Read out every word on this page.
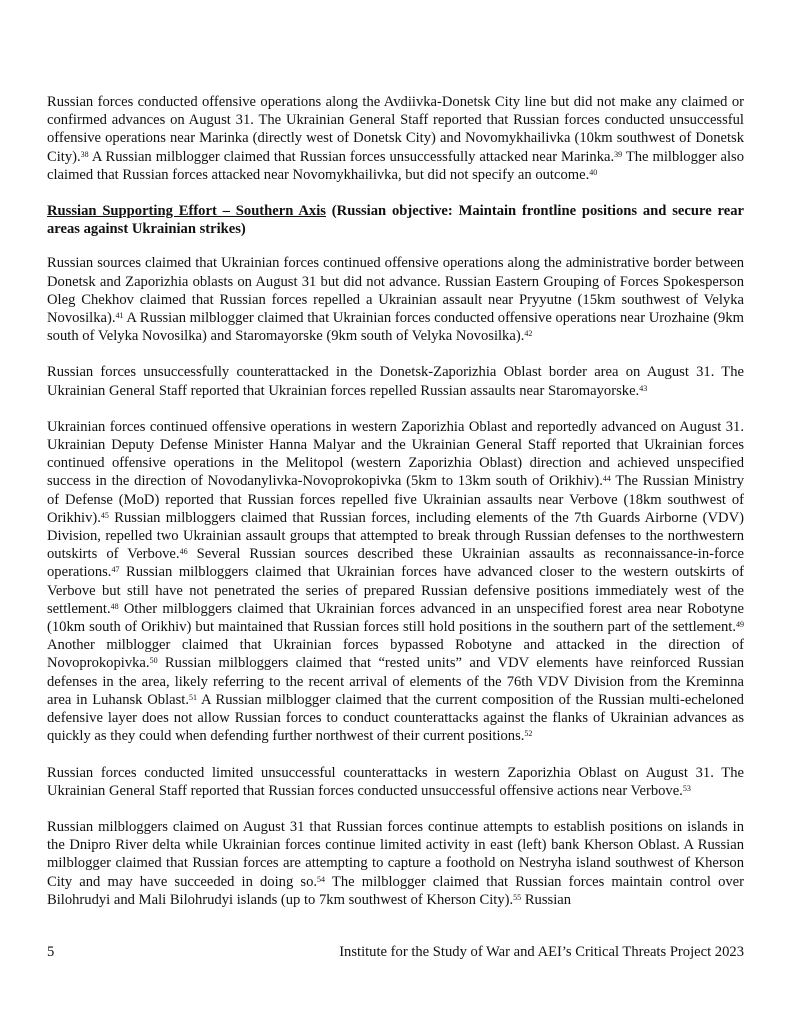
Russian forces conducted offensive operations along the Avdiivka-Donetsk City line but did not make any claimed or confirmed advances on August 31. The Ukrainian General Staff reported that Russian forces conducted unsuccessful offensive operations near Marinka (directly west of Donetsk City) and Novomykhailivka (10km southwest of Donetsk City).$^{38}$ A Russian milblogger claimed that Russian forces unsuccessfully attacked near Marinka.$^{39}$ The milblogger also claimed that Russian forces attacked near Novomykhailivka, but did not specify an outcome.$^{40}$

Russian Supporting Effort – Southern Axis (Russian objective: Maintain frontline positions and secure rear areas against Ukrainian strikes)

Russian sources claimed that Ukrainian forces continued offensive operations along the administrative border between Donetsk and Zaporizhia oblasts on August 31 but did not advance. Russian Eastern Grouping of Forces Spokesperson Oleg Chekhov claimed that Russian forces repelled a Ukrainian assault near Pryyutne (15km southwest of Velyka Novosilka).$^{41}$ A Russian milblogger claimed that Ukrainian forces conducted offensive operations near Urozhaine (9km south of Velyka Novosilka) and Staromayorske (9km south of Velyka Novosilka).$^{42}$

Russian forces unsuccessfully counterattacked in the Donetsk-Zaporizhia Oblast border area on August 31. The Ukrainian General Staff reported that Ukrainian forces repelled Russian assaults near Staromayorske.$^{43}$

Ukrainian forces continued offensive operations in western Zaporizhia Oblast and reportedly advanced on August 31. Ukrainian Deputy Defense Minister Hanna Malyar and the Ukrainian General Staff reported that Ukrainian forces continued offensive operations in the Melitopol (western Zaporizhia Oblast) direction and achieved unspecified success in the direction of Novodanylivka-Novoprokopivka (5km to 13km south of Orikhiv).$^{44}$ The Russian Ministry of Defense (MoD) reported that Russian forces repelled five Ukrainian assaults near Verbove (18km southwest of Orikhiv).$^{45}$ Russian milbloggers claimed that Russian forces, including elements of the 7th Guards Airborne (VDV) Division, repelled two Ukrainian assault groups that attempted to break through Russian defenses to the northwestern outskirts of Verbove.$^{46}$ Several Russian sources described these Ukrainian assaults as reconnaissance-in-force operations.$^{47}$ Russian milbloggers claimed that Ukrainian forces have advanced closer to the western outskirts of Verbove but still have not penetrated the series of prepared Russian defensive positions immediately west of the settlement.$^{48}$ Other milbloggers claimed that Ukrainian forces advanced in an unspecified forest area near Robotyne (10km south of Orikhiv) but maintained that Russian forces still hold positions in the southern part of the settlement.$^{49}$ Another milblogger claimed that Ukrainian forces bypassed Robotyne and attacked in the direction of Novoprokopivka.$^{50}$ Russian milbloggers claimed that “rested units” and VDV elements have reinforced Russian defenses in the area, likely referring to the recent arrival of elements of the 76th VDV Division from the Kreminna area in Luhansk Oblast.$^{51}$ A Russian milblogger claimed that the current composition of the Russian multi-echeloned defensive layer does not allow Russian forces to conduct counterattacks against the flanks of Ukrainian advances as quickly as they could when defending further northwest of their current positions.$^{52}$

Russian forces conducted limited unsuccessful counterattacks in western Zaporizhia Oblast on August 31. The Ukrainian General Staff reported that Russian forces conducted unsuccessful offensive actions near Verbove.$^{53}$

Russian milbloggers claimed on August 31 that Russian forces continue attempts to establish positions on islands in the Dnipro River delta while Ukrainian forces continue limited activity in east (left) bank Kherson Oblast. A Russian milblogger claimed that Russian forces are attempting to capture a foothold on Nestryha island southwest of Kherson City and may have succeeded in doing so.$^{54}$ The milblogger claimed that Russian forces maintain control over Bilohrudyi and Mali Bilohrudyi islands (up to 7km southwest of Kherson City).$^{55}$ Russian

5	Institute for the Study of War and AEI’s Critical Threats Project 2023
